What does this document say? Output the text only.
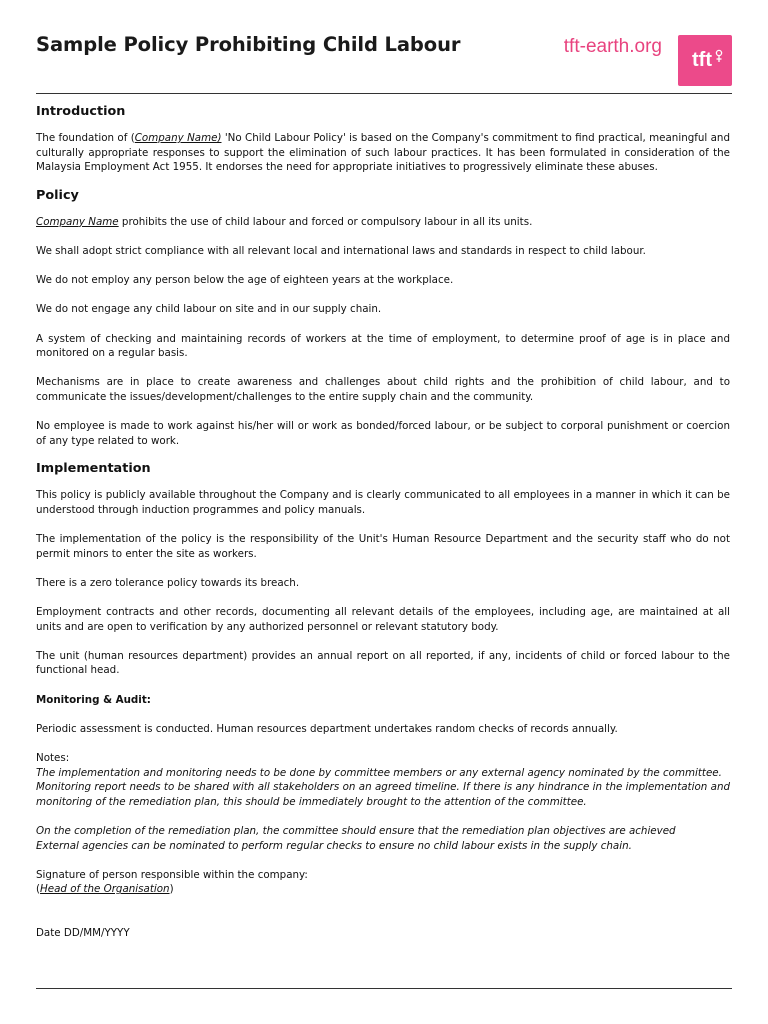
Sample Policy Prohibiting Child Labour	tft-earth.org
tft
Introduction

The foundation of (Company Name) 'No Child Labour Policy' is based on the Company's commitment to find practical, meaningful and culturally appropriate responses to support the elimination of such labour practices. It has been formulated in consideration of the Malaysia Employment Act 1955. It endorses the need for appropriate initiatives to progressively eliminate these abuses.

Policy

Company Name prohibits the use of child labour and forced or compulsory labour in all its units.

We shall adopt strict compliance with all relevant local and international laws and standards in respect to child labour.

We do not employ any person below the age of eighteen years at the workplace.

We do not engage any child labour on site and in our supply chain.

A system of checking and maintaining records of workers at the time of employment, to determine proof of age is in place and monitored on a regular basis.

Mechanisms are in place to create awareness and challenges about child rights and the prohibition of child labour, and to communicate the issues/development/challenges to the entire supply chain and the community.

No employee is made to work against his/her will or work as bonded/forced labour, or be subject to corporal punishment or coercion of any type related to work.

Implementation

This policy is publicly available throughout the Company and is clearly communicated to all employees in a manner in which it can be understood through induction programmes and policy manuals.

The implementation of the policy is the responsibility of the Unit's Human Resource Department and the security staff who do not permit minors to enter the site as workers.

There is a zero tolerance policy towards its breach.

Employment contracts and other records, documenting all relevant details of the employees, including age, are maintained at all units and are open to verification by any authorized personnel or relevant statutory body.

The unit (human resources department) provides an annual report on all reported, if any, incidents of child or forced labour to the functional head.

Monitoring & Audit:

Periodic assessment is conducted. Human resources department undertakes random checks of records annually.

Notes:

The implementation and monitoring needs to be done by committee members or any external agency nominated by the committee.

Monitoring report needs to be shared with all stakeholders on an agreed timeline. If there is any hindrance in the implementation and monitoring of the remediation plan, this should be immediately brought to the attention of the committee.

On the completion of the remediation plan, the committee should ensure that the remediation plan objectives are achieved

External agencies can be nominated to perform regular checks to ensure no child labour exists in the supply chain.

Signature of person responsible within the company:

(Head of the Organisation)

Date DD/MM/YYYY
